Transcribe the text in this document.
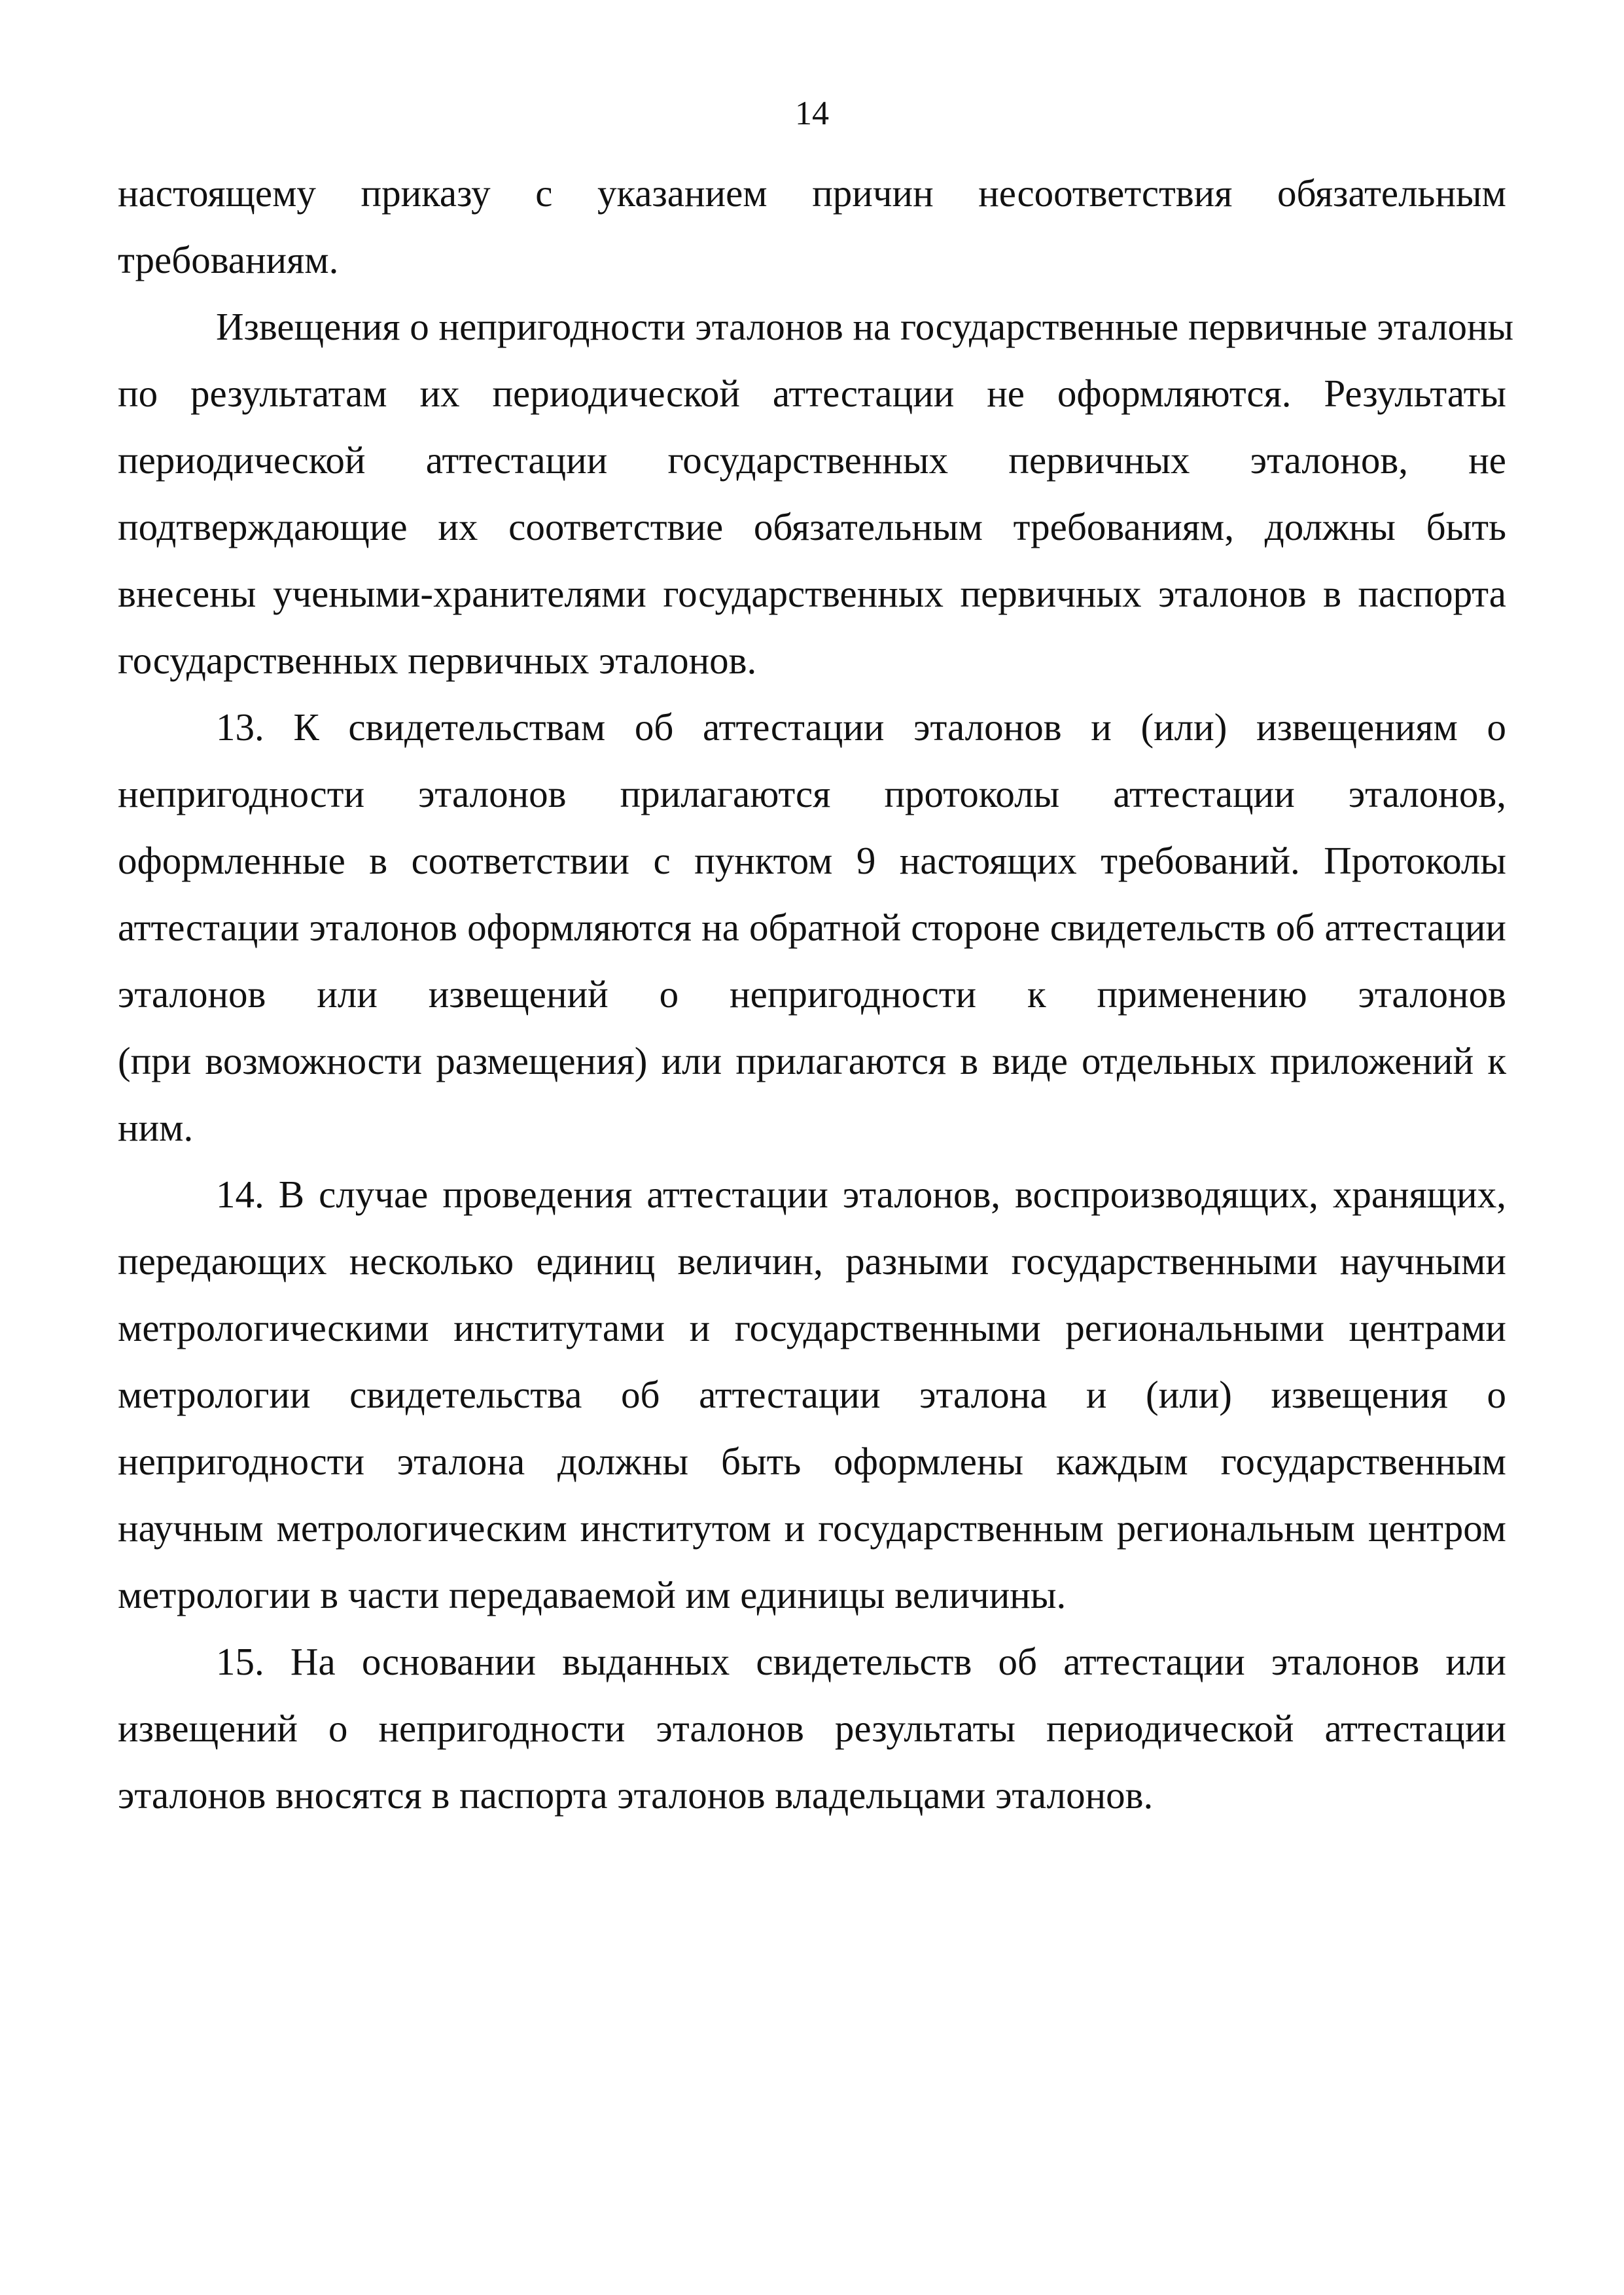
14
настоящему приказу с указанием причин несоответствия обязательным
требованиям.
Извещения о непригодности эталонов на государственные первичные эталоны
по результатам их периодической аттестации не оформляются. Результаты
периодической аттестации государственных первичных эталонов, не
подтверждающие их соответствие обязательным требованиям, должны быть
внесены учеными-хранителями государственных первичных эталонов в паспорта
государственных первичных эталонов.
13. К свидетельствам об аттестации эталонов и (или) извещениям о
непригодности эталонов прилагаются протоколы аттестации эталонов,
оформленные в соответствии с пунктом 9 настоящих требований. Протоколы
аттестации эталонов оформляются на обратной стороне свидетельств об аттестации
эталонов или извещений о непригодности к применению эталонов
(при возможности размещения) или прилагаются в виде отдельных приложений к
ним.
14. В случае проведения аттестации эталонов, воспроизводящих, хранящих,
передающих несколько единиц величин, разными государственными научными
метрологическими институтами и государственными региональными центрами
метрологии свидетельства об аттестации эталона и (или) извещения о
непригодности эталона должны быть оформлены каждым государственным
научным метрологическим институтом и государственным региональным центром
метрологии в части передаваемой им единицы величины.
15. На основании выданных свидетельств об аттестации эталонов или
извещений о непригодности эталонов результаты периодической аттестации
эталонов вносятся в паспорта эталонов владельцами эталонов.
